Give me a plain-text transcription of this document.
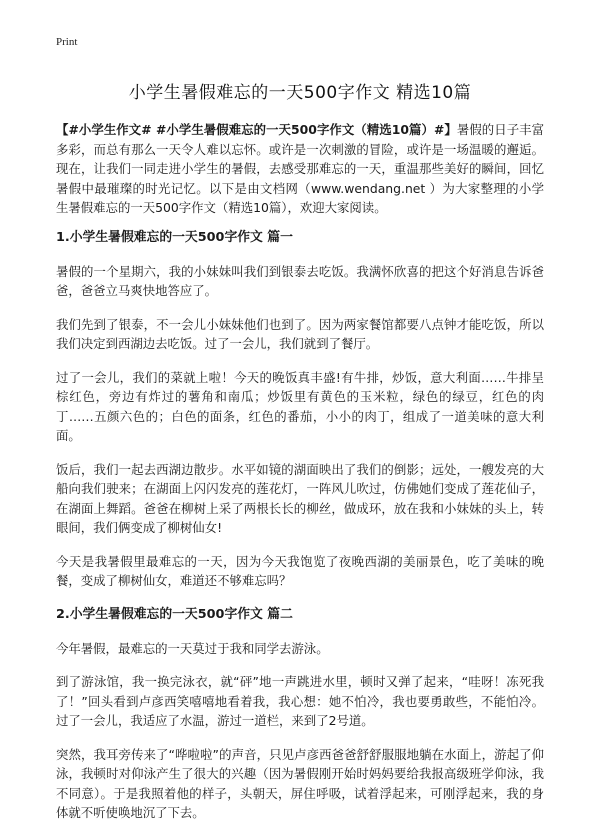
Print
小学生暑假难忘的一天500字作文 精选10篇

【#小学生作文# #小学生暑假难忘的一天500字作文（精选10篇）#】暑假的日子丰富多彩，而总有那么一天令人难以忘怀。或许是一次刺激的冒险，或许是一场温暖的邂逅。现在，让我们一同走进小学生的暑假，去感受那难忘的一天，重温那些美好的瞬间，回忆暑假中最璀璨的时光记忆。以下是由文档网（www.wendang.net ）为大家整理的小学生暑假难忘的一天500字作文（精选10篇），欢迎大家阅读。

1.小学生暑假难忘的一天500字作文 篇一

暑假的一个星期六，我的小妹妹叫我们到银泰去吃饭。我满怀欣喜的把这个好消息告诉爸爸，爸爸立马爽快地答应了。

我们先到了银泰，不一会儿小妹妹他们也到了。因为两家餐馆都要八点钟才能吃饭，所以我们决定到西湖边去吃饭。过了一会儿，我们就到了餐厅。

过了一会儿，我们的菜就上啦！今天的晚饭真丰盛!有牛排，炒饭，意大利面……牛排呈棕红色，旁边有炸过的薯角和南瓜；炒饭里有黄色的玉米粒，绿色的绿豆，红色的肉丁……五颜六色的；白色的面条，红色的番茄，小小的肉丁，组成了一道美味的意大利面。

饭后，我们一起去西湖边散步。水平如镜的湖面映出了我们的倒影；远处，一艘发亮的大船向我们驶来；在湖面上闪闪发亮的莲花灯，一阵风儿吹过，仿佛她们变成了莲花仙子，在湖面上舞蹈。爸爸在柳树上采了两根长长的柳丝，做成环，放在我和小妹妹的头上，转眼间，我们俩变成了柳树仙女!

今天是我暑假里最难忘的一天，因为今天我饱览了夜晚西湖的美丽景色，吃了美味的晚餐，变成了柳树仙女，难道还不够难忘吗？

2.小学生暑假难忘的一天500字作文 篇二

今年暑假，最难忘的一天莫过于我和同学去游泳。

到了游泳馆，我一换完泳衣，就“砰”地一声跳进水里，顿时又弹了起来，“哇呀！冻死我了！”回头看到卢彦西笑嘻嘻地看着我，我心想：她不怕冷，我也要勇敢些，不能怕冷。过了一会儿，我适应了水温，游过一道栏，来到了2号道。

突然，我耳旁传来了“哗啦啦”的声音，只见卢彦西爸爸舒舒服服地躺在水面上，游起了仰泳，我顿时对仰泳产生了很大的兴趣（因为暑假刚开始时妈妈要给我报高级班学仰泳，我不同意）。于是我照着他的样子，头朝天，屏住呼吸，试着浮起来，可刚浮起来，我的身体就不听使唤地沉了下去。
